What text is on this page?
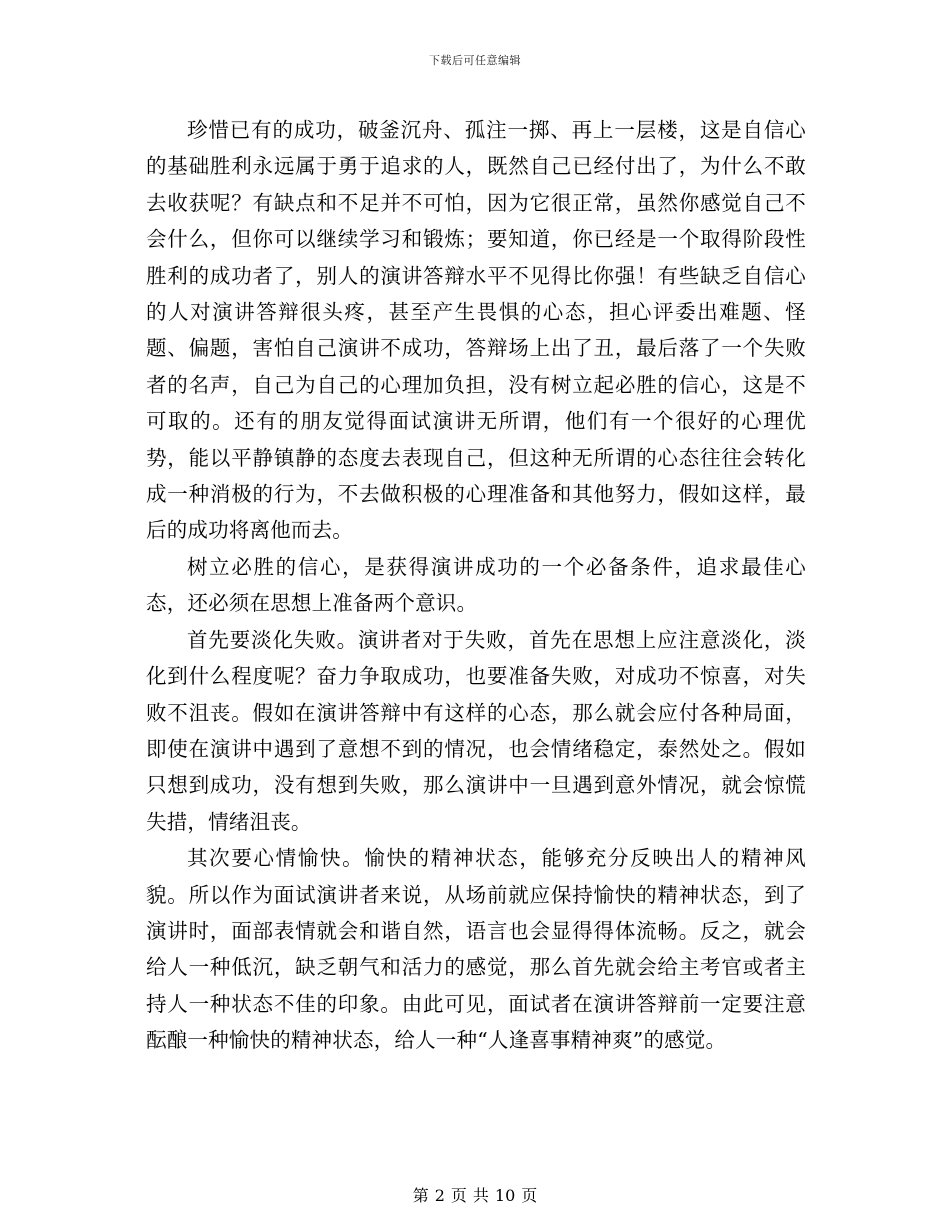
下载后可任意编辑

珍惜已有的成功，破釜沉舟、孤注一掷、再上一层楼，这是自信心的基础胜利永远属于勇于追求的人，既然自己已经付出了，为什么不敢去收获呢？有缺点和不足并不可怕，因为它很正常，虽然你感觉自己不会什么，但你可以继续学习和锻炼；要知道，你已经是一个取得阶段性胜利的成功者了，别人的演讲答辩水平不见得比你强！有些缺乏自信心的人对演讲答辩很头疼，甚至产生畏惧的心态，担心评委出难题、怪题、偏题，害怕自己演讲不成功，答辩场上出了丑，最后落了一个失败者的名声，自己为自己的心理加负担，没有树立起必胜的信心，这是不可取的。还有的朋友觉得面试演讲无所谓，他们有一个很好的心理优势，能以平静镇静的态度去表现自己，但这种无所谓的心态往往会转化成一种消极的行为，不去做积极的心理准备和其他努力，假如这样，最后的成功将离他而去。

树立必胜的信心，是获得演讲成功的一个必备条件，追求最佳心态，还必须在思想上准备两个意识。

首先要淡化失败。演讲者对于失败，首先在思想上应注意淡化，淡化到什么程度呢？奋力争取成功，也要准备失败，对成功不惊喜，对失败不沮丧。假如在演讲答辩中有这样的心态，那么就会应付各种局面，即使在演讲中遇到了意想不到的情况，也会情绪稳定，泰然处之。假如只想到成功，没有想到失败，那么演讲中一旦遇到意外情况，就会惊慌失措，情绪沮丧。

其次要心情愉快。愉快的精神状态，能够充分反映出人的精神风貌。所以作为面试演讲者来说，从场前就应保持愉快的精神状态，到了演讲时，面部表情就会和谐自然，语言也会显得得体流畅。反之，就会给人一种低沉，缺乏朝气和活力的感觉，那么首先就会给主考官或者主持人一种状态不佳的印象。由此可见，面试者在演讲答辩前一定要注意酝酿一种愉快的精神状态，给人一种“人逢喜事精神爽”的感觉。

第 2 页 共 10 页
